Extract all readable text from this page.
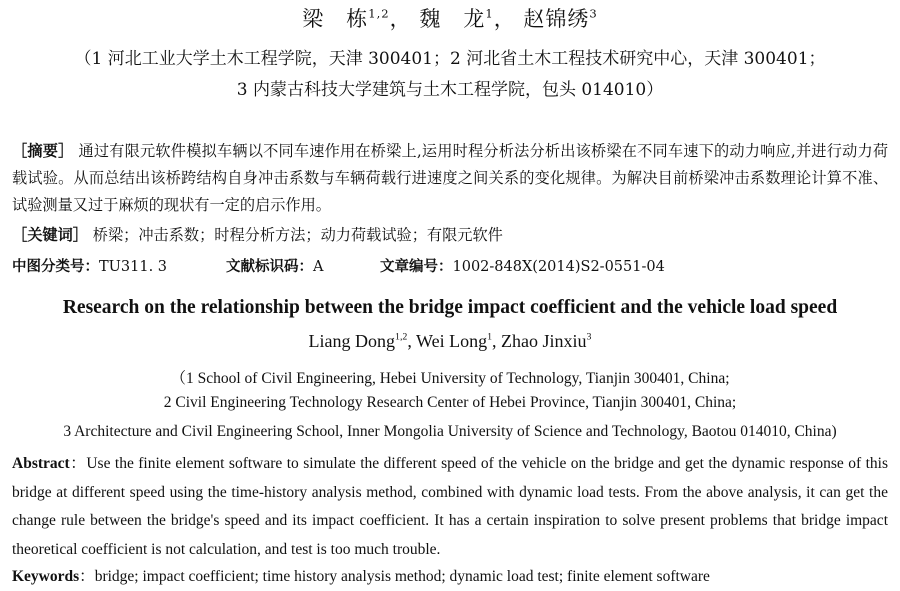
梁　栋$^{1,2}$， 魏　龙$^1$， 赵锦绣$^3$
（1 河北工业大学土木工程学院，天津 300401；2 河北省土木工程技术研究中心，天津 300401；
3 内蒙古科技大学建筑与土木工程学院，包头 014010）
［摘要］ 通过有限元软件模拟车辆以不同车速作用在桥梁上,运用时程分析法分析出该桥梁在不同车速下的动力响应,并进行动力荷载试验。从而总结出该桥跨结构自身冲击系数与车辆荷载行进速度之间关系的变化规律。为解决目前桥梁冲击系数理论计算不准、试验测量又过于麻烦的现状有一定的启示作用。
［关键词］ 桥梁；冲击系数；时程分析方法；动力荷载试验；有限元软件
中图分类号：TU311. 3	文献标识码：A	文章编号：1002-848X(2014)S2-0551-04
Research on the relationship between the bridge impact coefficient and the vehicle load speed
Liang Dong$^{1,2}$, Wei Long$^1$, Zhao Jinxiu$^3$
（1 School of Civil Engineering, Hebei University of Technology, Tianjin 300401, China;
2 Civil Engineering Technology Research Center of Hebei Province, Tianjin 300401, China;
3 Architecture and Civil Engineering School, Inner Mongolia University of Science and Technology, Baotou 014010, China)
Abstract：Use the finite element software to simulate the different speed of the vehicle on the bridge and get the dynamic response of this bridge at different speed using the time-history analysis method, combined with dynamic load tests. From the above analysis, it can get the change rule between the bridge's speed and its impact coefficient. It has a certain inspiration to solve present problems that bridge impact theoretical coefficient is not calculation, and test is too much trouble.
Keywords：bridge; impact coefficient; time history analysis method; dynamic load test; finite element software
